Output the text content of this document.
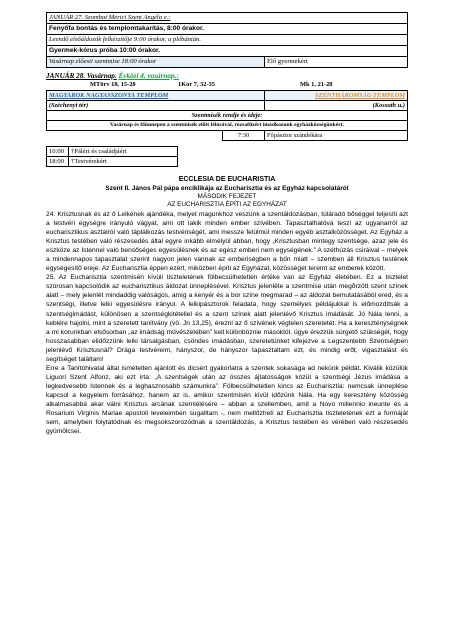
JANUÁR 27. Szombat Merici Szent Angéla e.:
Fenyőfa bontás és templomtakarítás, 8:00 órakor.
Leendő elsőáldozók felkészítője 9:00 órakor, a plébánián.
Gyermek-kórus próba 10:00 órakor.
Vasárnap előesti szentmise 18:00 órakor	Élő gyermekért
JANUÁR 28. Vasárnap. Évközi 4. vasárnap.:
MTörv 18, 15-20	1Kor 7, 32-35	Mk 1, 21-28
MAGYAROK NAGYASSZONYA TEMPLOM		SZENTHÁROMSÁG TEMPLOM
(Széchenyi tér)		(Kossuth u.)
Szentmisék rendje és ideje:		
Vasárnap és főünnepen a szentmisék előtt félórával, rózsafűzért imádkozunk egyházközségünkért.		
	7:30	Főpásztor szándékára
10:00	†Pálért és családjáért
18:00	†Testvérekért
ECCLESIA DE EUCHARISTIA
Szent II. János Pál pápa enciklikája az Eucharisztia és az Egyház kapcsolatáról
MÁSODIK FEJEZET
AZ EUCHARISZTIA ÉPÍTI AZ EGYHÁZAT

24. Krisztusnak és az ő Lelkének ajándéka, melyet magunkhoz veszünk a szentáldozásban, túláradó bőséggel teljesíti azt a testvéri egységre irányuló vágyat, ami ott lakik minden ember szívében. Tapasztalhatóvá teszi az ugyanarról az eucharisztikus asztalról való táplálkozás testvériségét, ami messze felülmúl minden egyéb asztalközösséget. Az Egyház a Krisztus testében való részesedés által egyre inkább elmélyül abban, hogy „Krisztusban mintegy szentsége, azaz jele és eszköze az Istennel való bensőséges egyesülésnek és az egész emberi nem egységének.” A széthúzás csiráival – melyek a mindennapos tapasztalat szerint nagyon jelen vannak az emberiségben a bűn miatt – szemben áll Krisztus testének egységesítő ereje. Az Eucharisztia éppen ezért, miközben építi az Egyházat, közösséget teremt az emberek között.

25. Az Eucharisztia szentmisén kívüli tiszteletének fölbecsülhetetlen értéke van az Egyház életében. Ez a tisztelet szorosan kapcsolódik az eucharisztikus áldozat ünneplésével. Krisztus jelenléte a szentmise után megőrzött szent színek alatt – mely jelenlét mindaddig valóságos, amíg a kenyér és a bor színe megmarad – az áldozat bemutatásából ered, és a szentségi, illetve lelki egyesülésre irányul. A lelkipásztorok feladata, hogy személyes példájukkal is előmozdítsák a szentségimádást, különösen a szentségkitétellel és a szent színek alatt jelenlévő Krisztus imádását. Jó Nála lenni, a keblére hajolni, mint a szeretett tanítvány (vö. Jn 13,25), érezni az ő szívének végtelen szeretetét. Ha a kereszténységnek a mi korunkban elsősorban „az imádság művészetében” kell különböznie másoktól, úgye érezzük sürgető szükségét, hogy hosszasabban elidőzzünk lelki társalgásban, csöndes imádásban, szeretetünket kifejezve a Legszentebb Szentségben jelenlévő Krisztusnál? Drága testvéreim, hányszor, de hányszor tapasztaltam ezt, és mindig erőt, vigasztalást és segítséget találtam!

Erre a Tanítóhivatal által ismételten ajánlott és dicsért gyakorlatra a szentek sokasága ad nekünk példát. Kiválik közülük Liguori Szent Alfonz, aki ezt írta: „A szentségek után az összes ájtatosságok közül a szentségi Jézus imádása a legkedvesebb Istennek és a leghasznosabb számunkra”. Fölbecsülhetetlen kincs az Eucharisztia: nemcsak ünneplése kapcsol a kegyelem forrásához, hanem az is, amikor szentmisén kívül időzünk Nála. Ha egy keresztény közösség alkalmasabbá akar válni Krisztus arcának szemlélésére – abban a szellemben, amit a Novo millennio ineunte és a Rosarium Virginis Mariae apostoli leveleimben sugalltam -, nem mellőzheti az Eucharisztia tiszteletének ezt a formáját sem, amelyben folytatódnak és megsokszorozódnak a szentáldozás, a Krisztus testében és vérében való részesedés gyümölcsei.
